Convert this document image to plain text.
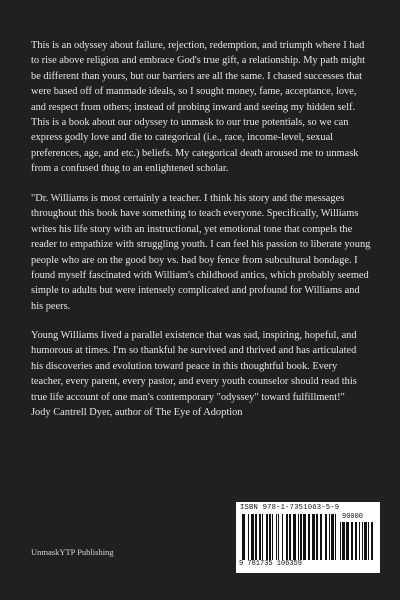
This is an odyssey about failure, rejection, redemption, and triumph where I had to rise above religion and embrace God's true gift, a relationship. My path might be different than yours, but our barriers are all the same. I chased successes that were based off of manmade ideals, so I sought money, fame, acceptance, love, and respect from others; instead of probing inward and seeing my hidden self. This is a book about our odyssey to unmask to our true potentials, so we can express godly love and die to categorical (i.e., race, income-level, sexual preferences, age, and etc.) beliefs. My categorical death aroused me to unmask from a confused thug to an enlightened scholar.

"Dr. Williams is most certainly a teacher. I think his story and the messages throughout this book have something to teach everyone. Specifically, Williams writes his life story with an instructional, yet emotional tone that compels the reader to empathize with struggling youth. I can feel his passion to liberate young people who are on the good boy vs. bad boy fence from subcultural bondage. I found myself fascinated with William's childhood antics, which probably seemed simple to adults but were intensely complicated and profound for Williams and his peers.

Young Williams lived a parallel existence that was sad, inspiring, hopeful, and humorous at times. I'm so thankful he survived and thrived and has articulated his discoveries and evolution toward peace in this thoughtful book. Every teacher, every parent, every pastor, and every youth counselor should read this true life account of one man's contemporary "odyssey" toward fulfillment!"
Jody Cantrell Dyer, author of The Eye of Adoption

UnmaskYTP Publishing
ISBN 978-1-7351063-5-9
90000
9 781735 106359
